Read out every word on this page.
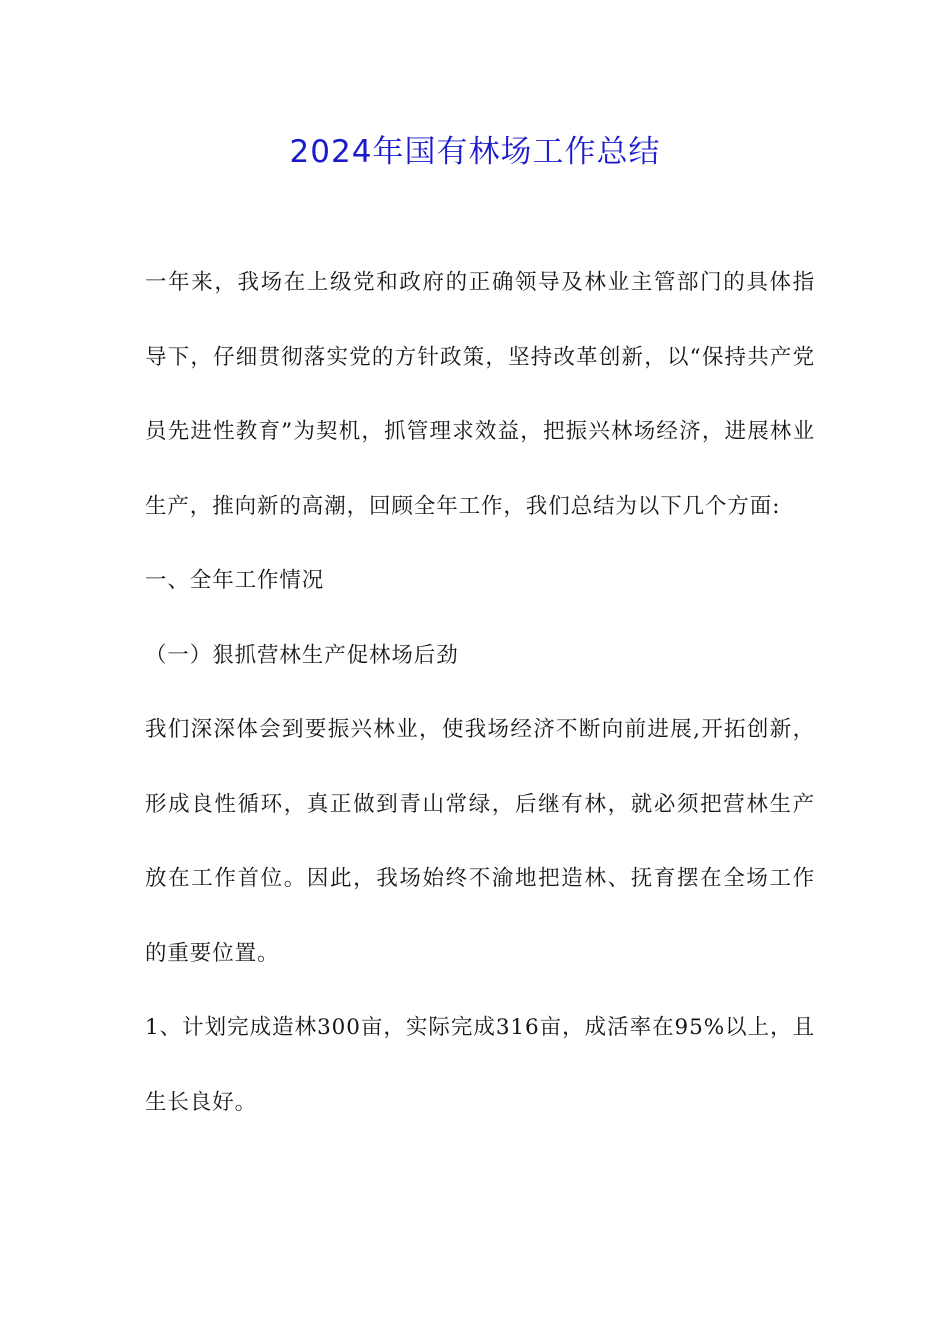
2024年国有林场工作总结

一年来，我场在上级党和政府的正确领导及林业主管部门的具体指导下，仔细贯彻落实党的方针政策，坚持改革创新，以“保持共产党员先进性教育”为契机，抓管理求效益，把振兴林场经济，进展林业生产，推向新的高潮，回顾全年工作，我们总结为以下几个方面:

一、全年工作情况

（一）狠抓营林生产促林场后劲

我们深深体会到要振兴林业，使我场经济不断向前进展,开拓创新，形成良性循环，真正做到青山常绿，后继有林，就必须把营林生产放在工作首位。因此，我场始终不渝地把造林、抚育摆在全场工作的重要位置。

1、计划完成造林300亩，实际完成316亩，成活率在95%以上，且生长良好。
